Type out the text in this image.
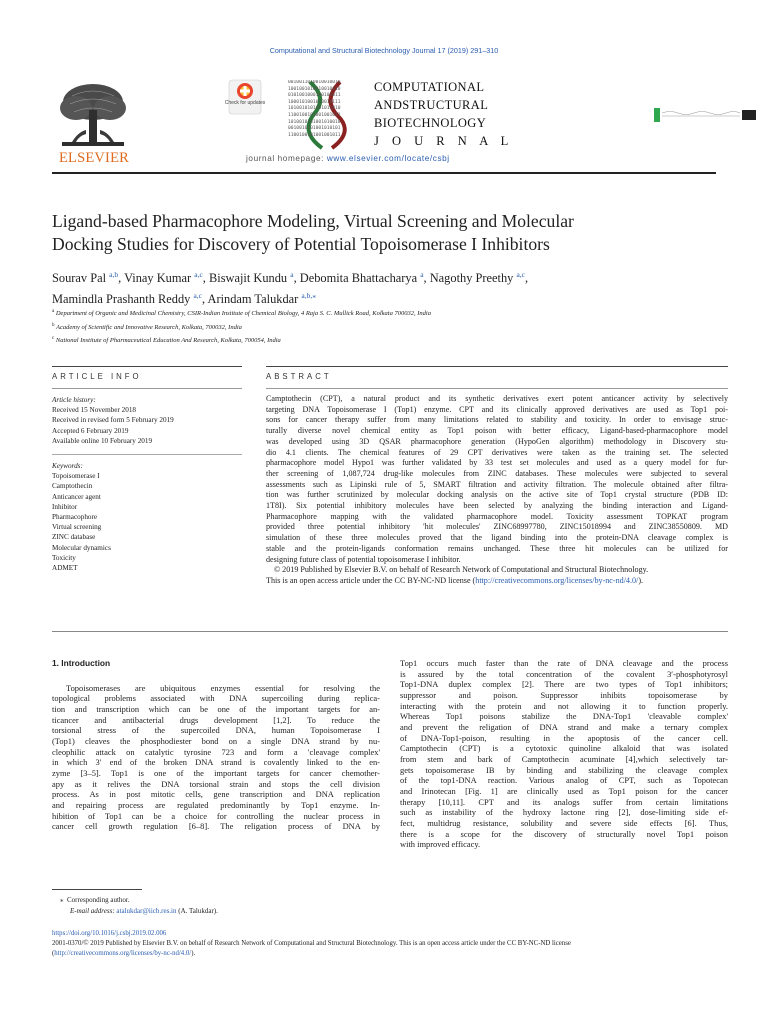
Computational and Structural Biotechnology Journal 17 (2019) 291–310
ELSEVIER
Check for updates
0010011010010010010
1001001010010010010
0101001000100101011
1000101001010010111
1010010101001011010
1100100101001001011
1010010101001010010
0010010101001010101
1100100101001001011
COMPUTATIONAL
ANDSTRUCTURAL
BIOTECHNOLOGY
J O U R N A L
journal homepage: www.elsevier.com/locate/csbj
Ligand-based Pharmacophore Modeling, Virtual Screening and Molecular
Docking Studies for Discovery of Potential Topoisomerase I Inhibitors
Sourav Pal $^{a,b}$, Vinay Kumar $^{a,c}$, Biswajit Kundu $^a$, Debomita Bhattacharya $^a$, Nagothy Preethy $^{a,c}$,
Mamindla Prashanth Reddy $^{a,c}$, Arindam Talukdar $^{a,b,⁎}$
$^a$ Department of Organic and Medicinal Chemistry, CSIR-Indian Institute of Chemical Biology, 4 Raja S. C. Mullick Road, Kolkata 700032, India
$^b$ Academy of Scientific and Innovative Research, Kolkata, 700032, India
$^c$ National Institute of Pharmaceutical Education And Research, Kolkata, 700054, India
ARTICLE INFO	ABSTRACT
Article history:
Received 15 November 2018
Received in revised form 5 February 2019
Accepted 6 February 2019
Available online 10 February 2019
Keywords:
Topoisomerase I
Camptothecin
Anticancer agent
Inhibitor
Pharmacophore
Virtual screening
ZINC database
Molecular dynamics
Toxicity
ADMET
Camptothecin (CPT), a natural product and its synthetic derivatives exert potent anticancer activity by selectively
targeting DNA Topoisomerase I (Top1) enzyme. CPT and its clinically approved derivatives are used as Top1 poi-
sons for cancer therapy suffer from many limitations related to stability and toxicity. In order to envisage struc-
turally diverse novel chemical entity as Top1 poison with better efficacy, Ligand-based-pharmacophore model
was developed using 3D QSAR pharmacophore generation (HypoGen algorithm) methodology in Discovery stu-
dio 4.1 clients. The chemical features of 29 CPT derivatives were taken as the training set. The selected
pharmacophore model Hypo1 was further validated by 33 test set molecules and used as a query model for fur-
ther screening of 1,087,724 drug-like molecules from ZINC databases. These molecules were subjected to several
assessments such as Lipinski rule of 5, SMART filtration and activity filtration. The molecule obtained after filtra-
tion was further scrutinized by molecular docking analysis on the active site of Top1 crystal structure (PDB ID:
1T8I). Six potential inhibitory molecules have been selected by analyzing the binding interaction and Ligand-
Pharmacophore mapping with the validated pharmacophore model. Toxicity assessment TOPKAT program
provided three potential inhibitory 'hit molecules' ZINC68997780, ZINC15018994 and ZINC38550809. MD
simulation of these three molecules proved that the ligand binding into the protein-DNA cleavage complex is
stable and the protein-ligands conformation remains unchanged. These three hit molecules can be utilized for
designing future class of potential topoisomerase I inhibitor.

© 2019 Published by Elsevier B.V. on behalf of Research Network of Computational and Structural Biotechnology.

This is an open access article under the CC BY-NC-ND license (http://creativecommons.org/licenses/by-nc-nd/4.0/).

1. Introduction
Topoisomerases are ubiquitous enzymes essential for resolving the
topological problems associated with DNA supercoiling during replica-
tion and transcription which can be one of the important targets for an-
ticancer and antibacterial drugs development [1,2]. To reduce the
torsional stress of the supercoiled DNA, human Topoisomerase I
(Top1) cleaves the phosphodiester bond on a single DNA strand by nu-
cleophilic attack on catalytic tyrosine 723 and form a 'cleavage complex'
in which 3′ end of the broken DNA strand is covalently linked to the en-
zyme [3–5]. Top1 is one of the important targets for cancer chemother-
apy as it relives the DNA torsional strain and stops the cell division
process. As in post mitotic cells, gene transcription and DNA replication
and repairing process are regulated predominantly by Top1 enzyme. In-
hibition of Top1 can be a choice for controlling the nuclear process in
cancer cell growth regulation [6–8]. The religation process of DNA by
Top1 occurs much faster than the rate of DNA cleavage and the process
is assured by the total concentration of the covalent 3′-phosphotyrosyl
Top1-DNA duplex complex [2]. There are two types of Top1 inhibitors;
suppressor and poison. Suppressor inhibits topoisomerase by
interacting with the protein and not allowing it to function properly.
Whereas Top1 poisons stabilize the DNA-Top1 'cleavable complex'
and prevent the religation of DNA strand and make a ternary complex
of DNA-Top1-poison, resulting in the apoptosis of the cancer cell.
Camptothecin (CPT) is a cytotoxic quinoline alkaloid that was isolated
from stem and bark of Camptothecin acuminate [4],which selectively tar-
gets topoisomerase IB by binding and stabilizing the cleavage complex
of the top1-DNA reaction. Various analog of CPT, such as Topotecan
and Irinotecan [Fig. 1] are clinically used as Top1 poison for the cancer
therapy [10,11]. CPT and its analogs suffer from certain limitations
such as instability of the hydroxy lactone ring [2], dose-limiting side ef-
fect, multidrug resistance, solubility and severe side effects [6]. Thus,
there is a scope for the discovery of structurally novel Top1 poison
with improved efficacy.
⁎ Corresponding author.
E-mail address: atalukdar@iicb.res.in (A. Talukdar).
https://doi.org/10.1016/j.csbj.2019.02.006
2001-0370/© 2019 Published by Elsevier B.V. on behalf of Research Network of Computational and Structural Biotechnology. This is an open access article under the CC BY-NC-ND license
(http://creativecommons.org/licenses/by-nc-nd/4.0/).
